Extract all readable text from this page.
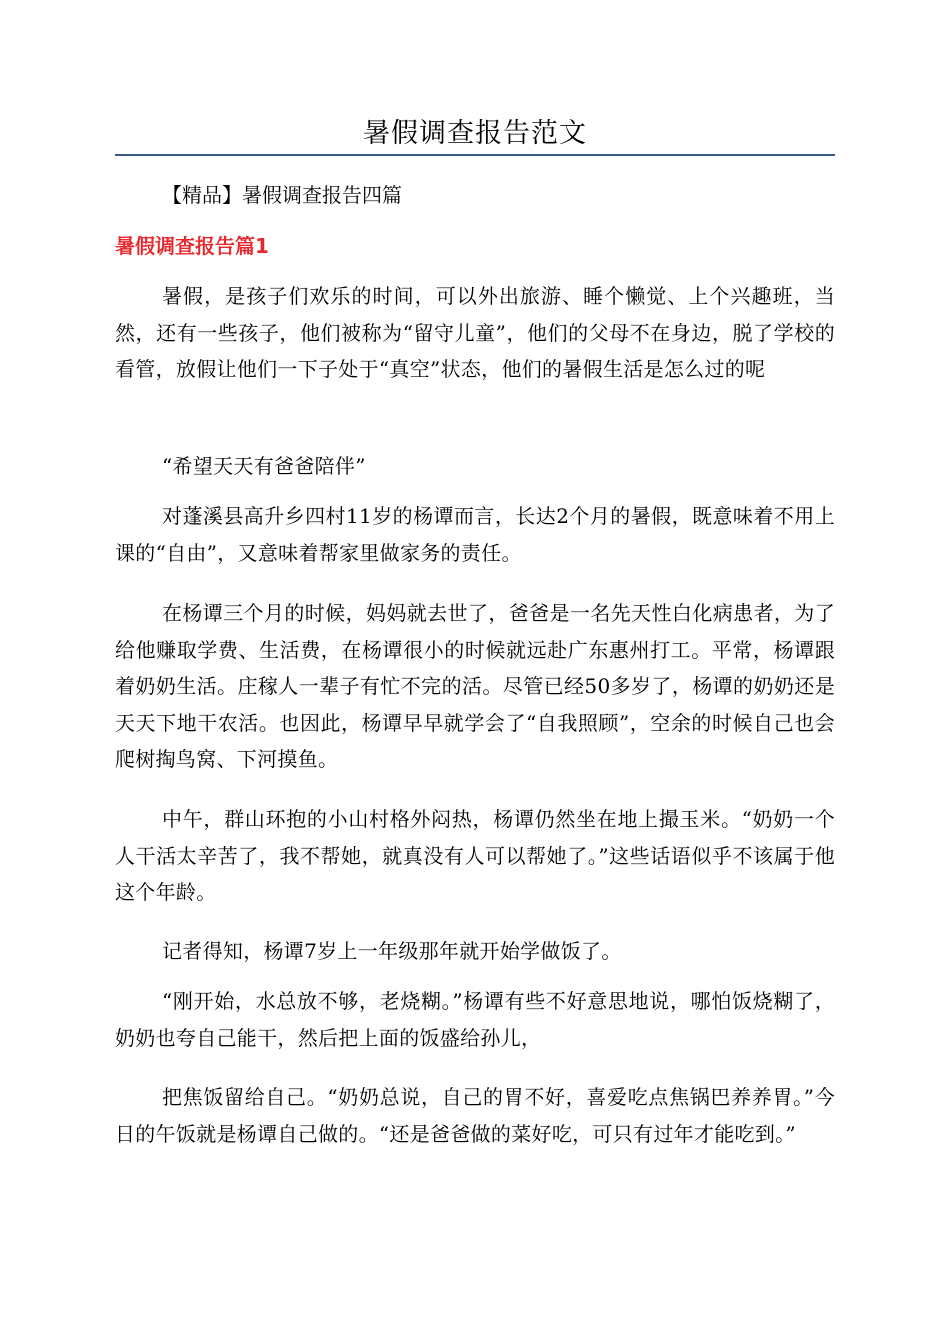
暑假调查报告范文
【精品】暑假调查报告四篇
暑假调查报告篇1

暑假，是孩子们欢乐的时间，可以外出旅游、睡个懒觉、上个兴趣班，当然，还有一些孩子，他们被称为“留守儿童”，他们的父母不在身边，脱了学校的看管，放假让他们一下子处于“真空”状态，他们的暑假生活是怎么过的呢

“希望天天有爸爸陪伴”

对蓬溪县高升乡四村11岁的杨谭而言，长达2个月的暑假，既意味着不用上课的“自由”，又意味着帮家里做家务的责任。

在杨谭三个月的时候，妈妈就去世了，爸爸是一名先天性白化病患者，为了给他赚取学费、生活费，在杨谭很小的时候就远赴广东惠州打工。平常，杨谭跟着奶奶生活。庄稼人一辈子有忙不完的活。尽管已经50多岁了，杨谭的奶奶还是天天下地干农活。也因此，杨谭早早就学会了“自我照顾”，空余的时候自己也会爬树掏鸟窝、下河摸鱼。

中午，群山环抱的小山村格外闷热，杨谭仍然坐在地上撮玉米。“奶奶一个人干活太辛苦了，我不帮她，就真没有人可以帮她了。”这些话语似乎不该属于他这个年龄。

记者得知，杨谭7岁上一年级那年就开始学做饭了。

“刚开始，水总放不够，老烧糊。”杨谭有些不好意思地说，哪怕饭烧糊了，奶奶也夸自己能干，然后把上面的饭盛给孙儿，

把焦饭留给自己。“奶奶总说，自己的胃不好，喜爱吃点焦锅巴养养胃。”今日的午饭就是杨谭自己做的。“还是爸爸做的菜好吃，可只有过年才能吃到。”
